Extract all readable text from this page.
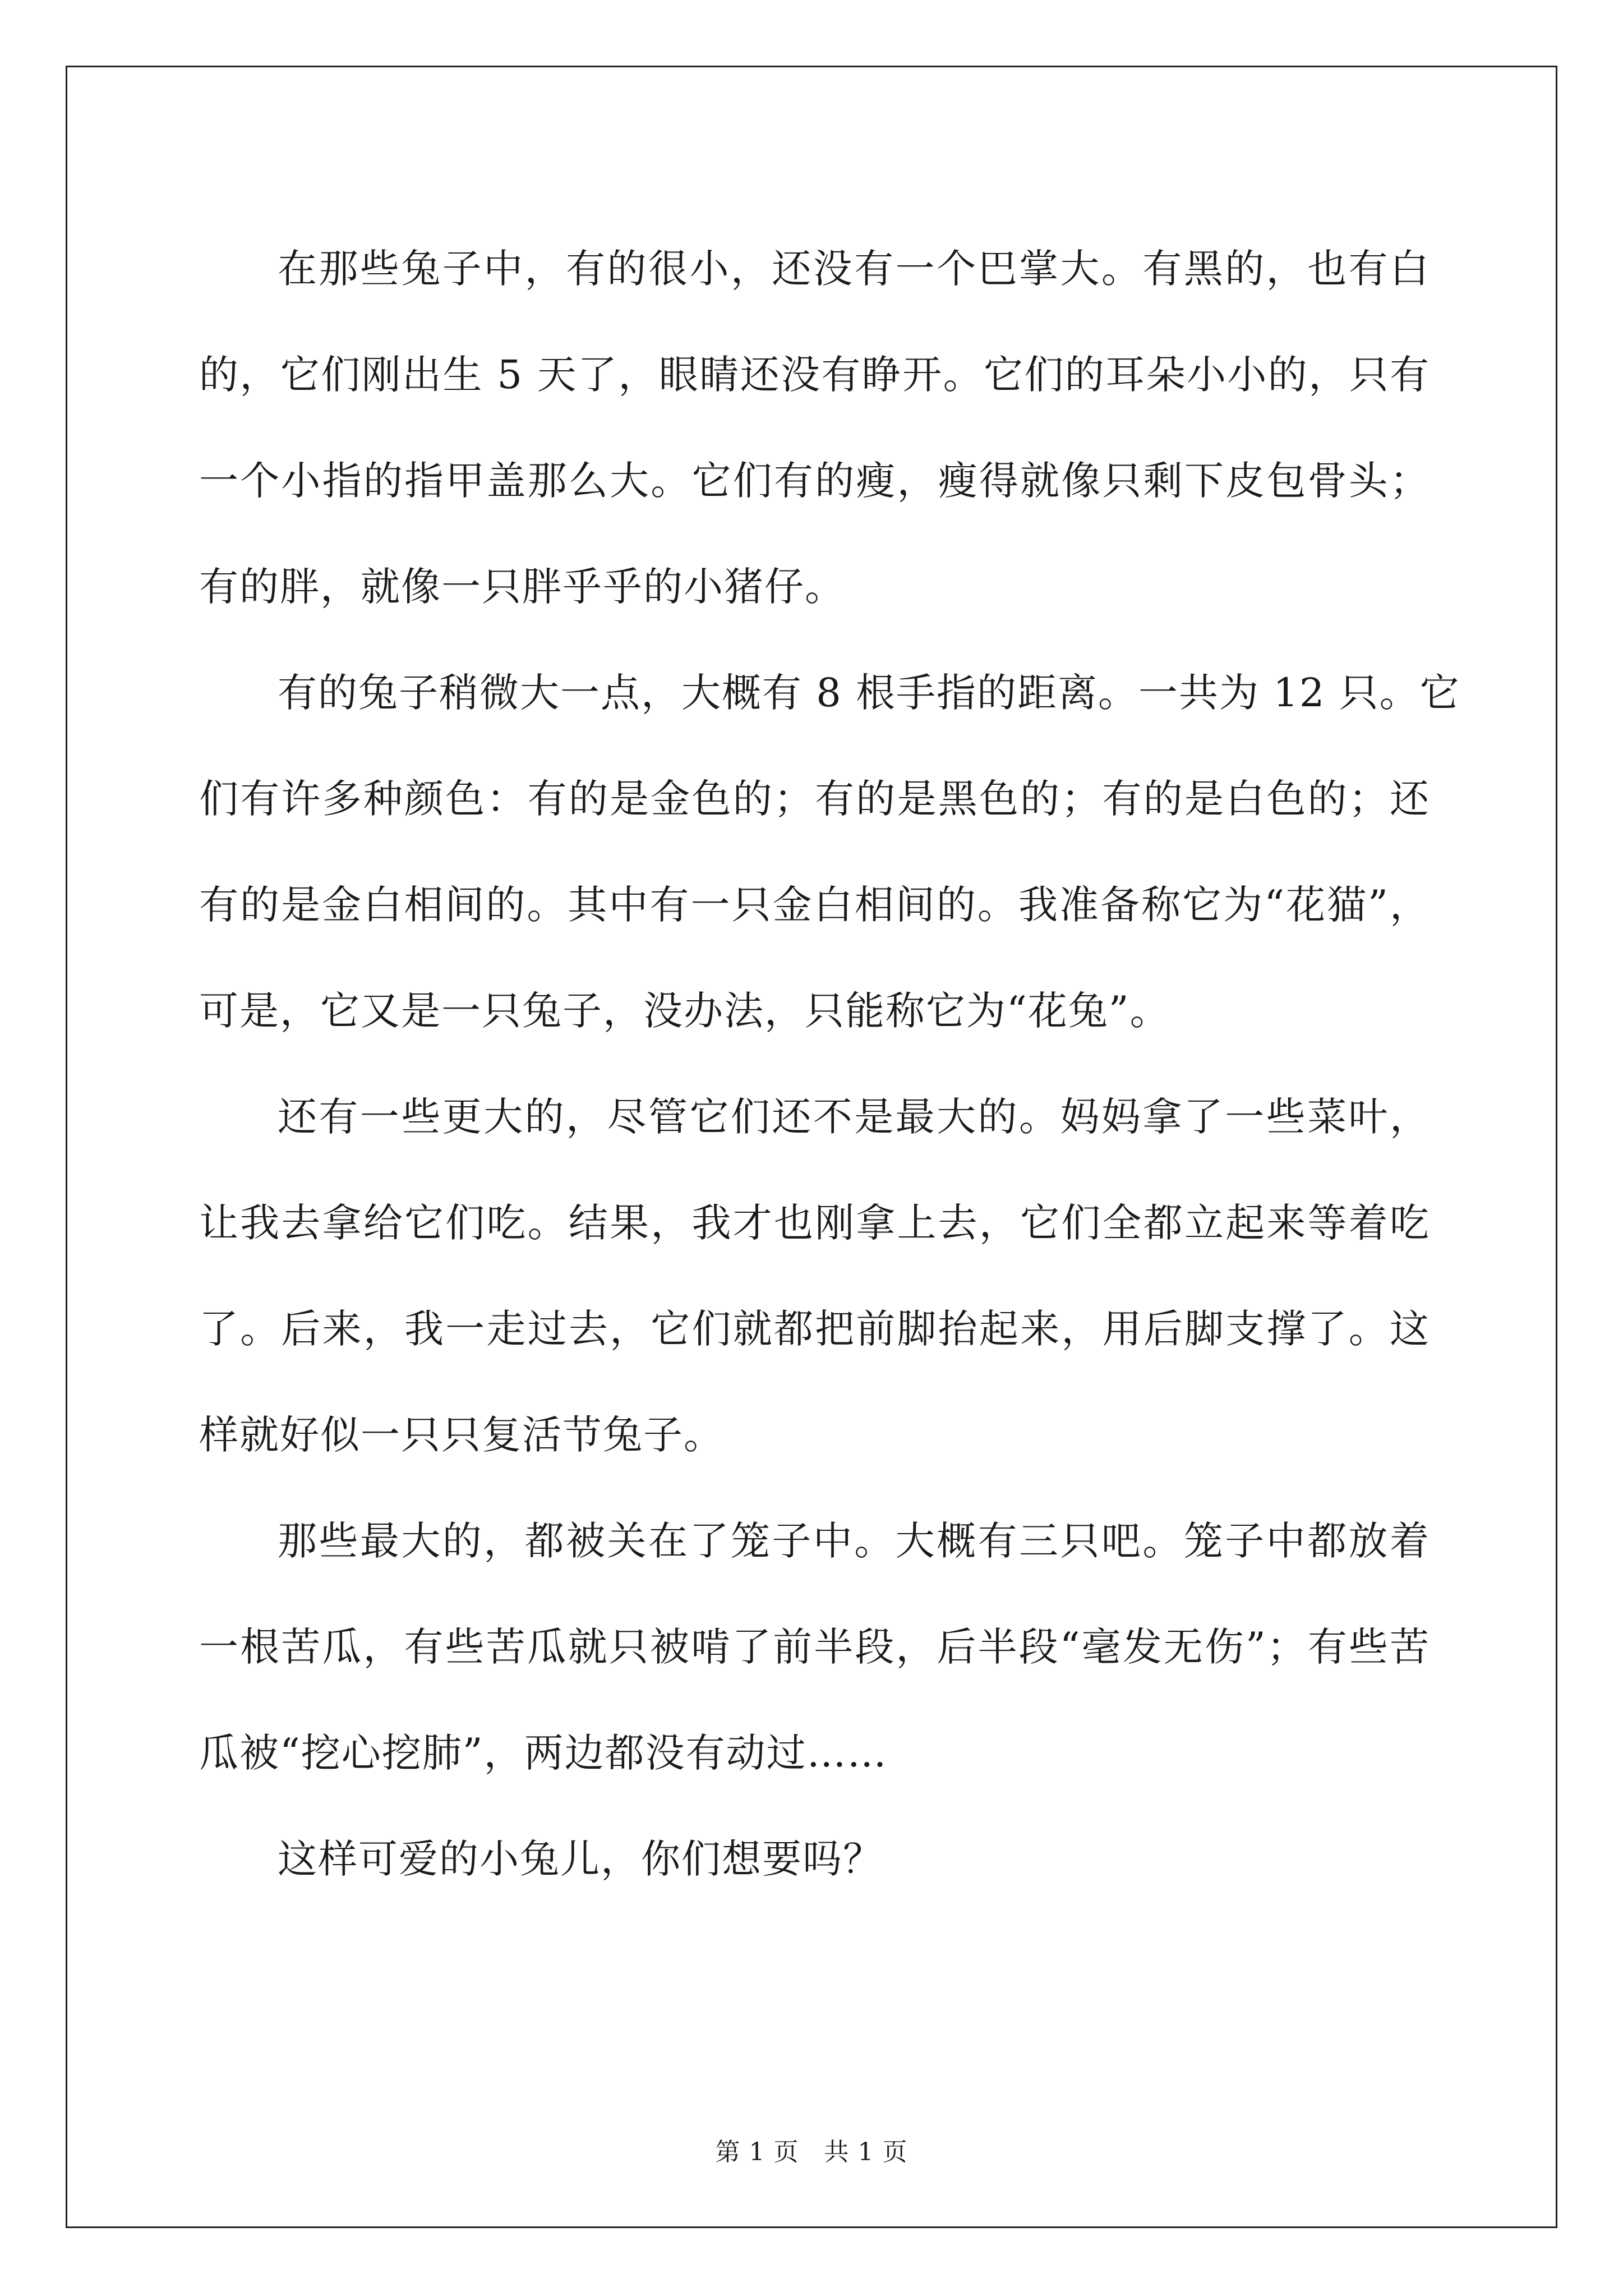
在那些兔子中，有的很小，还没有一个巴掌大。有黑的，也有白
的，它们刚出生 5 天了，眼睛还没有睁开。它们的耳朵小小的，只有
一个小指的指甲盖那么大。它们有的瘦，瘦得就像只剩下皮包骨头；
有的胖，就像一只胖乎乎的小猪仔。

有的兔子稍微大一点，大概有 8 根手指的距离。一共为 12 只。它
们有许多种颜色：有的是金色的；有的是黑色的；有的是白色的；还
有的是金白相间的。其中有一只金白相间的。我准备称它为“花猫”，
可是，它又是一只兔子，没办法，只能称它为“花兔”。

还有一些更大的，尽管它们还不是最大的。妈妈拿了一些菜叶，
让我去拿给它们吃。结果，我才也刚拿上去，它们全都立起来等着吃
了。后来，我一走过去，它们就都把前脚抬起来，用后脚支撑了。这
样就好似一只只复活节兔子。

那些最大的，都被关在了笼子中。大概有三只吧。笼子中都放着
一根苦瓜，有些苦瓜就只被啃了前半段，后半段“毫发无伤”；有些苦
瓜被“挖心挖肺”，两边都没有动过……

这样可爱的小兔儿，你们想要吗？

第 1 页　共 1 页
